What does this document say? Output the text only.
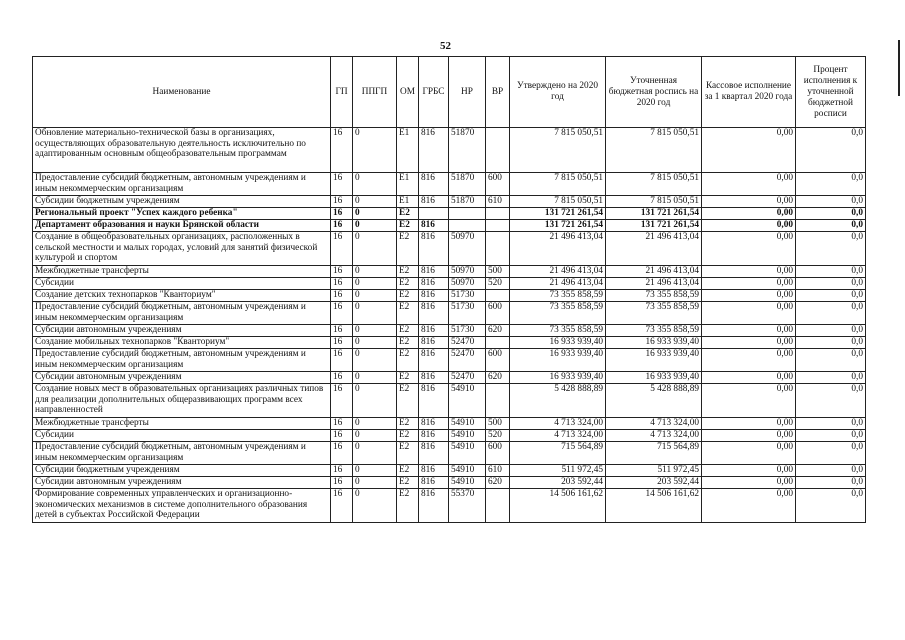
52
Наименование	ГП	ППГП	ОМ	ГРБС	НР	ВР	Утверждено на 2020 год	Уточненная бюджетная роспись на 2020 год	Кассовое исполнение за 1 квартал 2020 года	Процент исполнения к уточненной бюджетной росписи
Обновление материально-технической базы в организациях, осуществляющих образовательную деятельность исключительно по адаптированным основным общеобразовательным программам	16	0	Е1	816	51870		7 815 050,51	7 815 050,51	0,00	0,0
Предоставление субсидий бюджетным, автономным учреждениям и иным некоммерческим организациям	16	0	Е1	816	51870	600	7 815 050,51	7 815 050,51	0,00	0,0
Субсидии бюджетным учреждениям	16	0	Е1	816	51870	610	7 815 050,51	7 815 050,51	0,00	0,0
Региональный проект "Успех каждого ребенка"	16	0	Е2				131 721 261,54	131 721 261,54	0,00	0,0
Департамент образования и науки Брянской области	16	0	Е2	816			131 721 261,54	131 721 261,54	0,00	0,0
Создание в общеобразовательных организациях, расположенных в сельской местности и малых городах, условий для занятий физической культурой и спортом	16	0	Е2	816	50970		21 496 413,04	21 496 413,04	0,00	0,0
Межбюджетные трансферты	16	0	Е2	816	50970	500	21 496 413,04	21 496 413,04	0,00	0,0
Субсидии	16	0	Е2	816	50970	520	21 496 413,04	21 496 413,04	0,00	0,0
Создание детских технопарков "Кванториум"	16	0	Е2	816	51730		73 355 858,59	73 355 858,59	0,00	0,0
Предоставление субсидий бюджетным, автономным учреждениям и иным некоммерческим организациям	16	0	Е2	816	51730	600	73 355 858,59	73 355 858,59	0,00	0,0
Субсидии автономным учреждениям	16	0	Е2	816	51730	620	73 355 858,59	73 355 858,59	0,00	0,0
Создание мобильных технопарков "Кванториум"	16	0	Е2	816	52470		16 933 939,40	16 933 939,40	0,00	0,0
Предоставление субсидий бюджетным, автономным учреждениям и иным некоммерческим организациям	16	0	Е2	816	52470	600	16 933 939,40	16 933 939,40	0,00	0,0
Субсидии автономным учреждениям	16	0	Е2	816	52470	620	16 933 939,40	16 933 939,40	0,00	0,0
Создание новых мест в образовательных организациях различных типов для реализации дополнительных общеразвивающих программ всех направленностей	16	0	Е2	816	54910		5 428 888,89	5 428 888,89	0,00	0,0
Межбюджетные трансферты	16	0	Е2	816	54910	500	4 713 324,00	4 713 324,00	0,00	0,0
Субсидии	16	0	Е2	816	54910	520	4 713 324,00	4 713 324,00	0,00	0,0
Предоставление субсидий бюджетным, автономным учреждениям и иным некоммерческим организациям	16	0	Е2	816	54910	600	715 564,89	715 564,89	0,00	0,0
Субсидии бюджетным учреждениям	16	0	Е2	816	54910	610	511 972,45	511 972,45	0,00	0,0
Субсидии автономным учреждениям	16	0	Е2	816	54910	620	203 592,44	203 592,44	0,00	0,0
Формирование современных управленческих и организационно-экономических механизмов в системе дополнительного образования детей в субъектах Российской Федерации	16	0	Е2	816	55370		14 506 161,62	14 506 161,62	0,00	0,0
